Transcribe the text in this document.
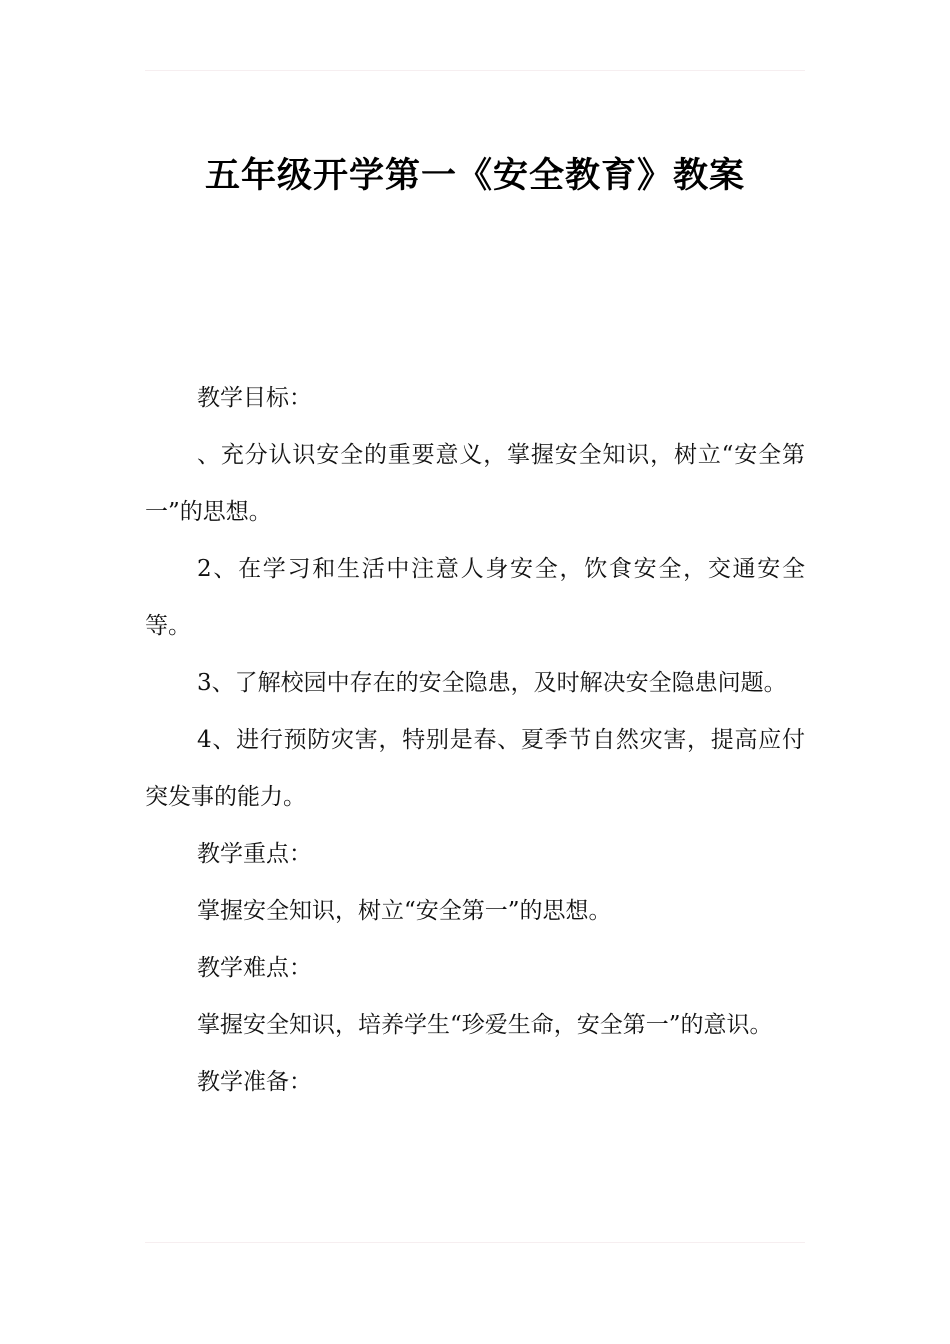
五年级开学第一《安全教育》教案

教学目标：

、充分认识安全的重要意义，掌握安全知识，树立“安全第一”的思想。

2、在学习和生活中注意人身安全，饮食安全，交通安全等。

3、了解校园中存在的安全隐患，及时解决安全隐患问题。

4、进行预防灾害，特别是春、夏季节自然灾害，提高应付突发事的能力。

教学重点：

掌握安全知识，树立“安全第一”的思想。

教学难点：

掌握安全知识，培养学生“珍爱生命，安全第一”的意识。

教学准备：
